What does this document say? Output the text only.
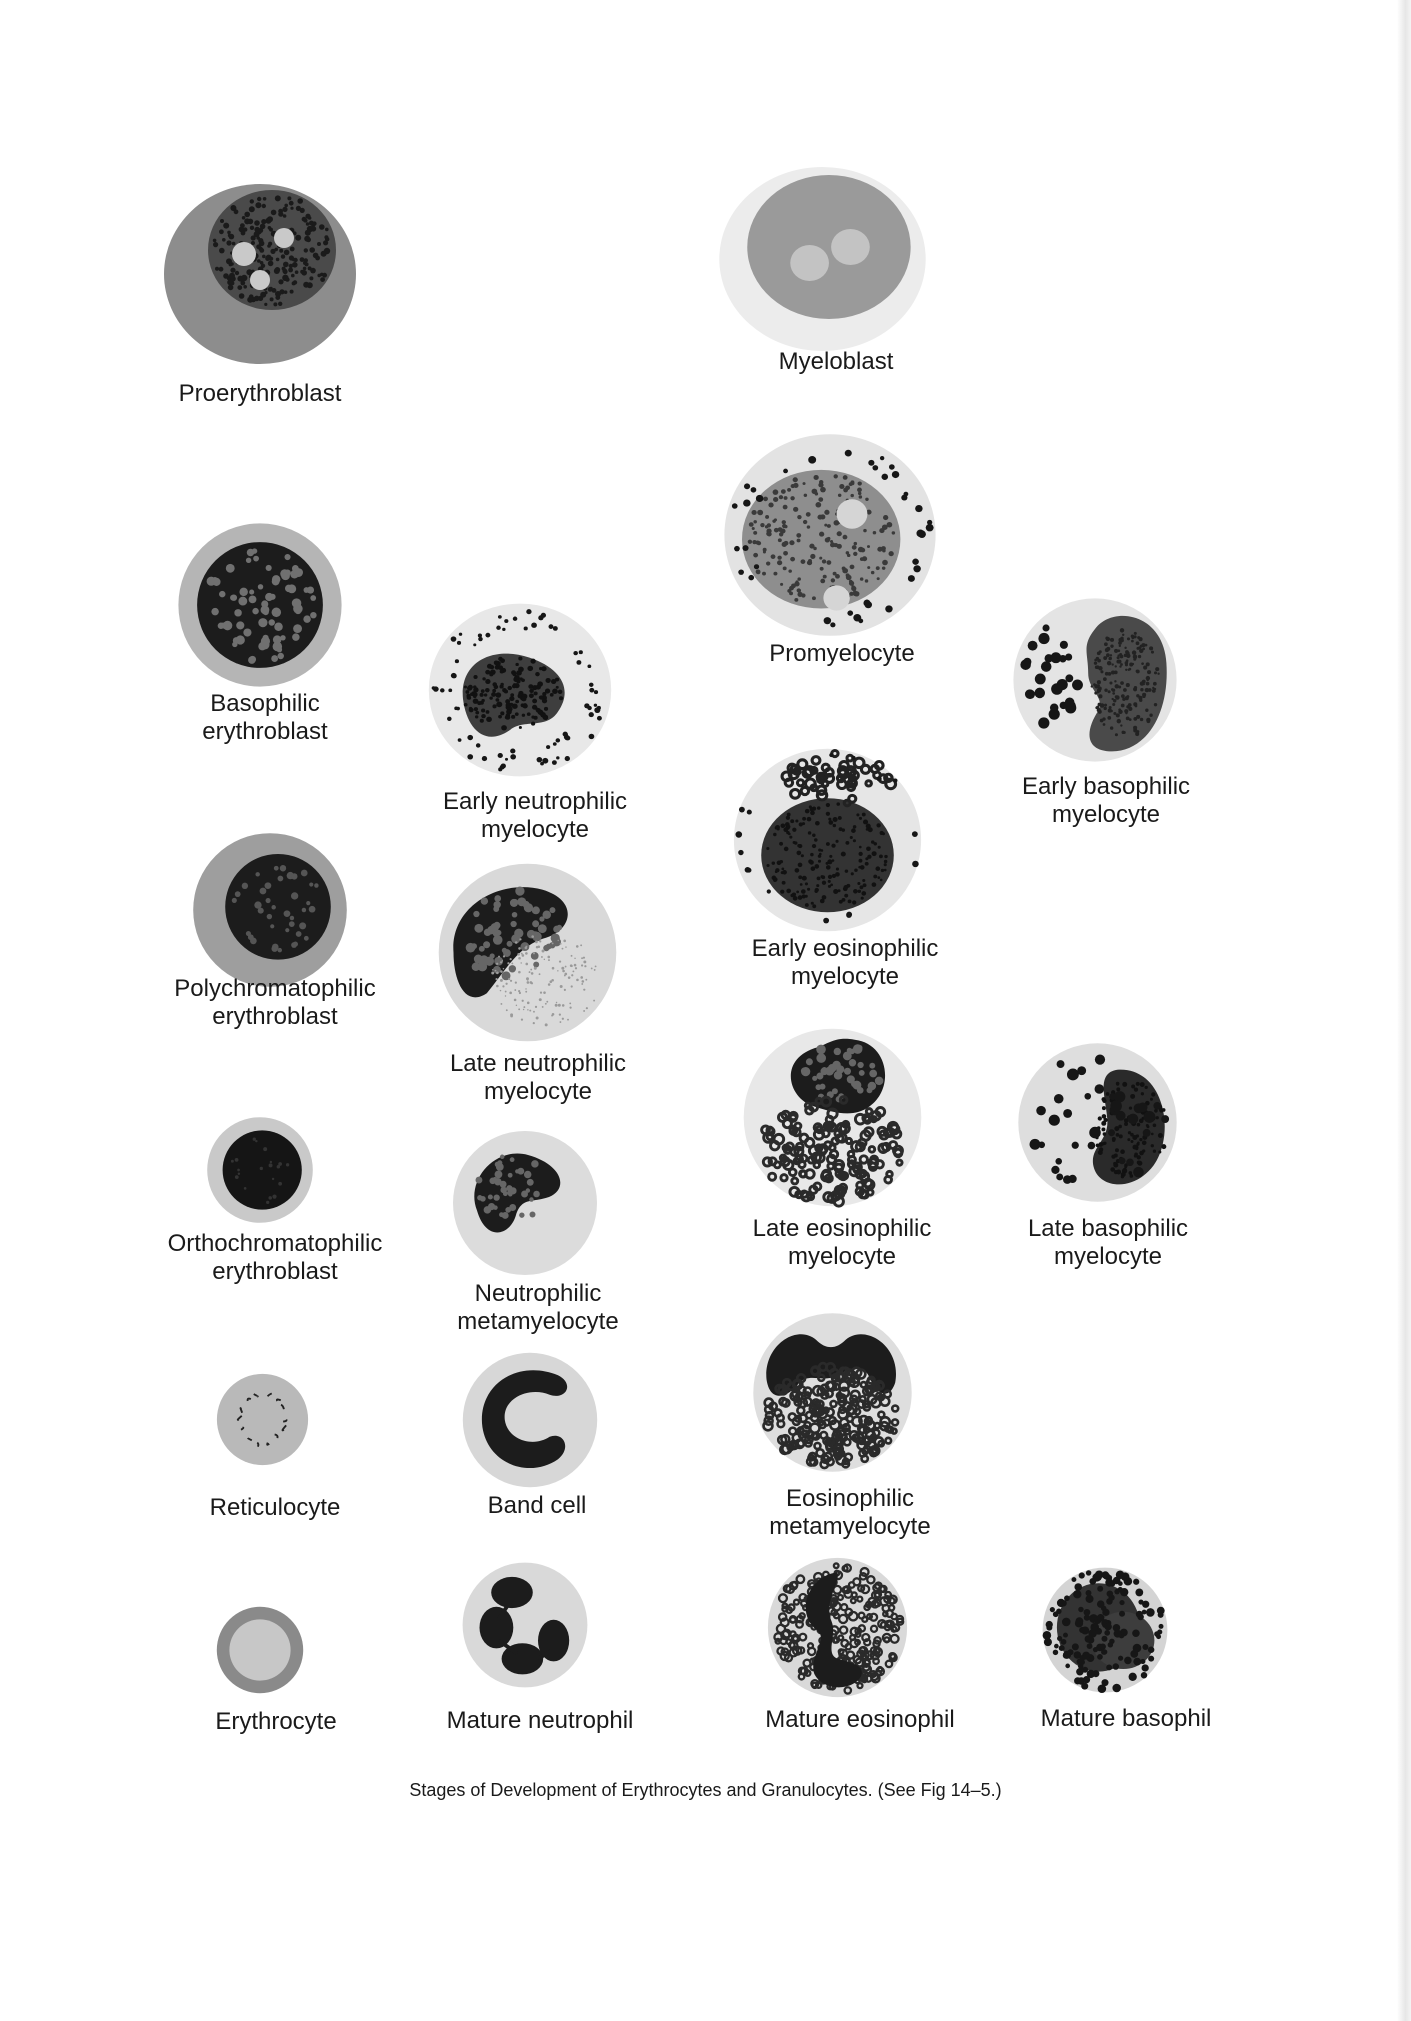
Proerythroblast
Basophilic
erythroblast
Polychromatophilic
erythroblast
Orthochromatophilic
erythroblast
Reticulocyte
Erythrocyte
Early neutrophilic
myelocyte
Late neutrophilic
myelocyte
Neutrophilic
metamyelocyte
Band cell
Mature neutrophil
Myeloblast
Promyelocyte
Early eosinophilic
myelocyte
Late eosinophilic
myelocyte
Eosinophilic
metamyelocyte
Mature eosinophil
Early basophilic
myelocyte
Late basophilic
myelocyte
Mature basophil
Stages of Development of Erythrocytes and Granulocytes. (See Fig 14–5.)
